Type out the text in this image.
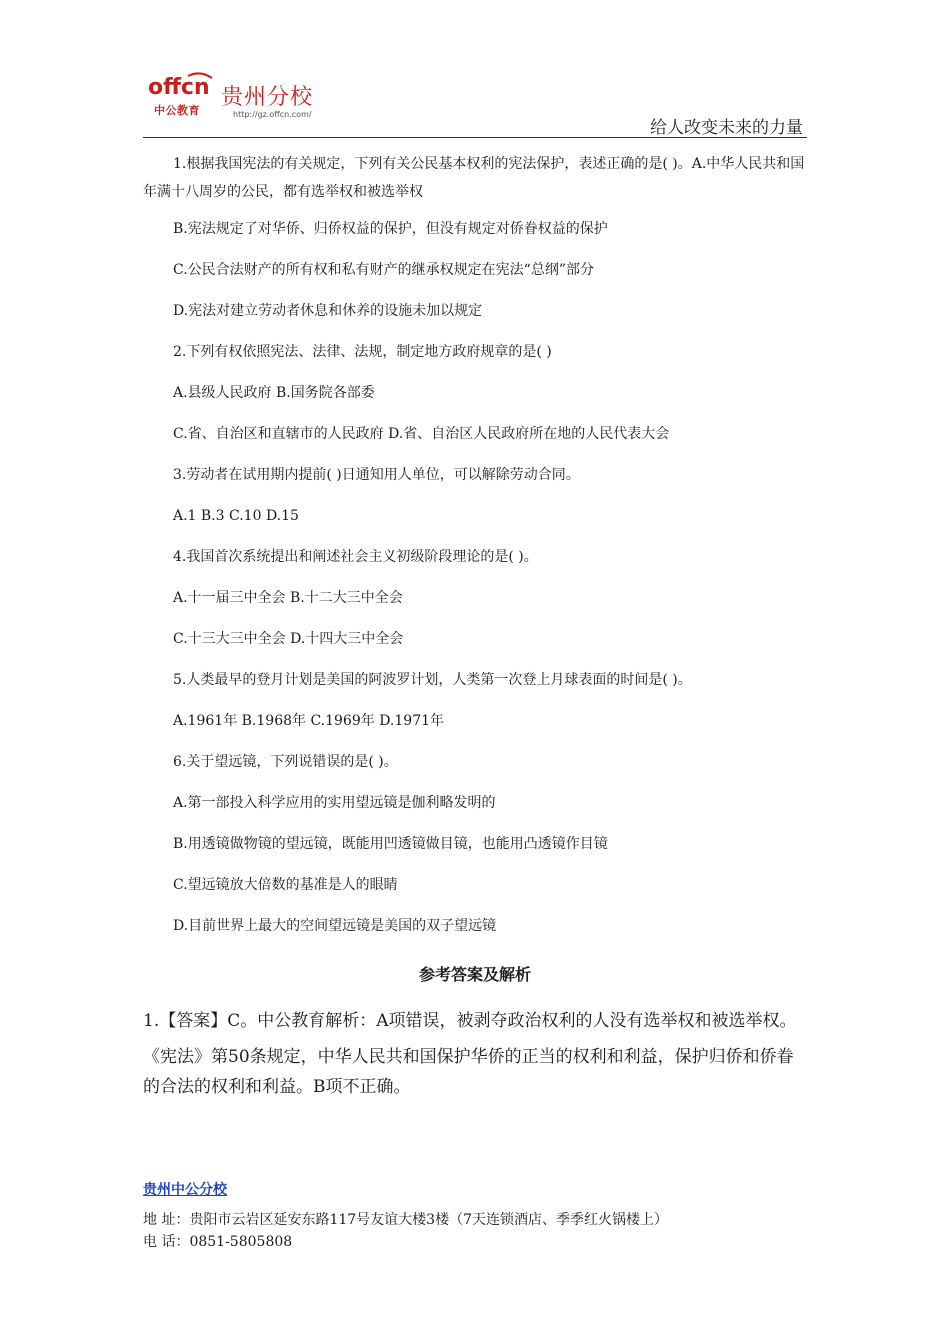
offcn
中公教育
贵州分校
http://gz.offcn.com/
给人改变未来的力量

1.根据我国宪法的有关规定，下列有关公民基本权利的宪法保护，表述正确的是( )。A.中华人民共和国年满十八周岁的公民，都有选举权和被选举权

B.宪法规定了对华侨、归侨权益的保护，但没有规定对侨眷权益的保护

C.公民合法财产的所有权和私有财产的继承权规定在宪法“总纲”部分

D.宪法对建立劳动者休息和休养的设施未加以规定

2.下列有权依照宪法、法律、法规，制定地方政府规章的是( )

A.县级人民政府 B.国务院各部委

C.省、自治区和直辖市的人民政府 D.省、自治区人民政府所在地的人民代表大会

3.劳动者在试用期内提前( )日通知用人单位，可以解除劳动合同。

A.1 B.3 C.10 D.15

4.我国首次系统提出和阐述社会主义初级阶段理论的是( )。

A.十一届三中全会 B.十二大三中全会

C.十三大三中全会 D.十四大三中全会

5.人类最早的登月计划是美国的阿波罗计划，人类第一次登上月球表面的时间是( )。

A.1961年 B.1968年 C.1969年 D.1971年

6.关于望远镜，下列说错误的是( )。

A.第一部投入科学应用的实用望远镜是伽利略发明的

B.用透镜做物镜的望远镜，既能用凹透镜做目镜，也能用凸透镜作目镜

C.望远镜放大倍数的基准是人的眼睛

D.目前世界上最大的空间望远镜是美国的双子望远镜

参考答案及解析

1.【答案】C。中公教育解析：A项错误，被剥夺政治权利的人没有选举权和被选举权。

《宪法》第50条规定，中华人民共和国保护华侨的正当的权利和利益，保护归侨和侨眷的合法的权利和利益。B项不正确。

贵州中公分校

地 址：贵阳市云岩区延安东路117号友谊大楼3楼（7天连锁酒店、季季红火锅楼上）

电 话：0851-5805808
